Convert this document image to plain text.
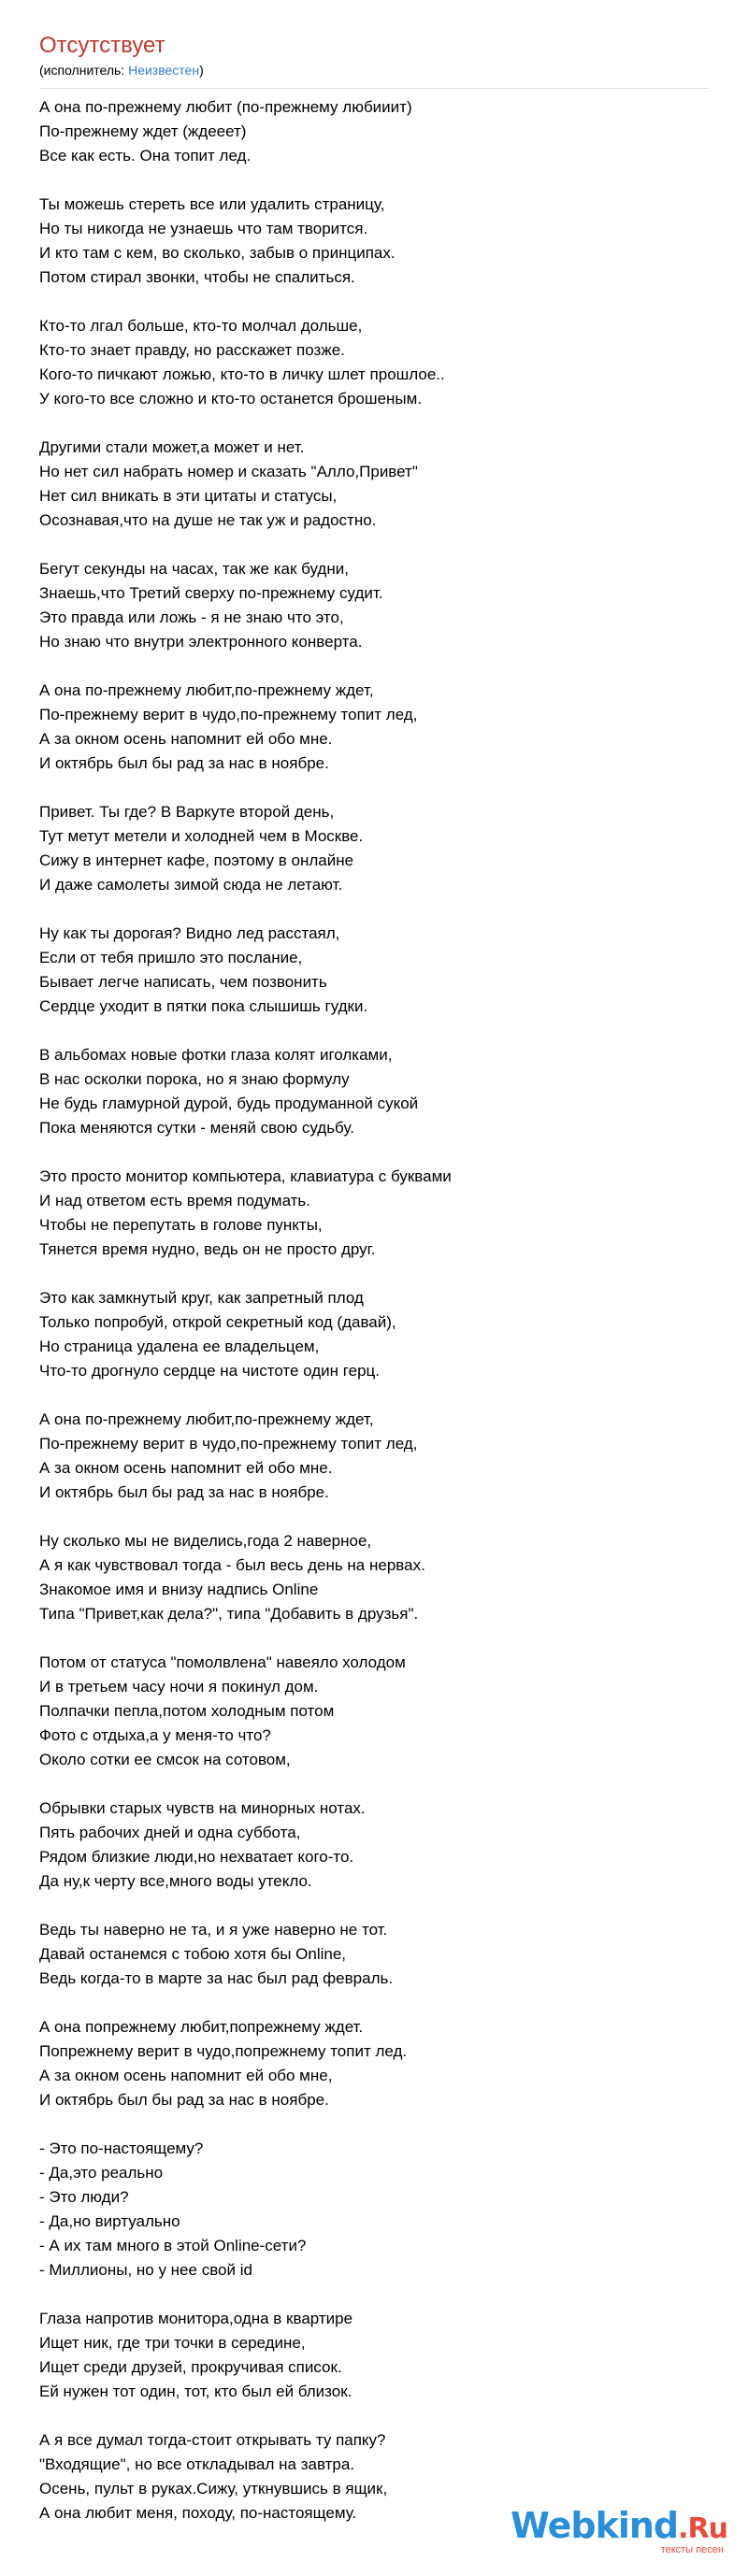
Отсутствует
(исполнитель: Неизвестен)
А она по-прежнему любит (по-прежнему любииит)
По-прежнему ждет (ждееет)
Все как есть. Она топит лед.
Ты можешь стереть все или удалить страницу,
Но ты никогда не узнаешь что там творится.
И кто там с кем, во сколько, забыв о принципах.
Потом стирал звонки, чтобы не спалиться.
Кто-то лгал больше, кто-то молчал дольше,
Кто-то знает правду, но расскажет позже.
Кого-то пичкают ложью, кто-то в личку шлет прошлое..
У кого-то все сложно и кто-то останется брошеным.
Другими стали может,а может и нет.
Но нет сил набрать номер и сказать "Алло,Привет"
Нет сил вникать в эти цитаты и статусы,
Осознавая,что на душе не так уж и радостно.
Бегут секунды на часах, так же как будни,
Знаешь,что Третий сверху по-прежнему судит.
Это правда или ложь - я не знаю что это,
Но знаю что внутри электронного конверта.
А она по-прежнему любит,по-прежнему ждет,
По-прежнему верит в чудо,по-прежнему топит лед,
А за окном осень напомнит ей обо мне.
И октябрь был бы рад за нас в ноябре.
Привет. Ты где? В Варкуте второй день,
Тут метут метели и холодней чем в Москве.
Сижу в интернет кафе, поэтому в онлайне
И даже самолеты зимой сюда не летают.
Ну как ты дорогая? Видно лед расстаял,
Если от тебя пришло это послание,
Бывает легче написать, чем позвонить
Сердце уходит в пятки пока слышишь гудки.
В альбомах новые фотки глаза колят иголками,
В нас осколки порока, но я знаю формулу
Не будь гламурной дурой, будь продуманной сукой
Пока меняются сутки - меняй свою судьбу.
Это просто монитор компьютера, клавиатура с буквами
И над ответом есть время подумать.
Чтобы не перепутать в голове пункты,
Тянется время нудно, ведь он не просто друг.
Это как замкнутый круг, как запретный плод
Только попробуй, открой секретный код (давай),
Но страница удалена ее владельцем,
Что-то дрогнуло сердце на чистоте один герц.
А она по-прежнему любит,по-прежнему ждет,
По-прежнему верит в чудо,по-прежнему топит лед,
А за окном осень напомнит ей обо мне.
И октябрь был бы рад за нас в ноябре.
Ну сколько мы не виделись,года 2 наверное,
А я как чувствовал тогда - был весь день на нервах.
Знакомое имя и внизу надпись Online
Типа "Привет,как дела?", типа "Добавить в друзья".
Потом от статуса "помолвлена" навеяло холодом
И в третьем часу ночи я покинул дом.
Полпачки пепла,потом холодным потом
Фото с отдыха,а у меня-то что?
Около сотки ее смсок на сотовом,
Обрывки старых чувств на минорных нотах.
Пять рабочих дней и одна суббота,
Рядом близкие люди,но нехватает кого-то.
Да ну,к черту все,много воды утекло.
Ведь ты наверно не та, и я уже наверно не тот.
Давай останемся с тобою хотя бы Online,
Ведь когда-то в марте за нас был рад февраль.
А она попрежнему любит,попрежнему ждет.
Попрежнему верит в чудо,попрежнему топит лед.
А за окном осень напомнит ей обо мне,
И октябрь был бы рад за нас в ноябре.
- Это по-настоящему?
- Да,это реально
- Это люди?
- Да,но виртуально
- А их там много в этой Online-сети?
- Миллионы, но у нее свой id
Глаза напротив монитора,одна в квартире
Ищет ник, где три точки в середине,
Ищет среди друзей, прокручивая список.
Ей нужен тот один, тот, кто был ей близок.
А я все думал тогда-стоит открывать ту папку?
"Входящие", но все откладывал на завтра.
Осень, пульт в руках.Сижу, уткнувшись в ящик,
А она любит меня, походу, по-настоящему.	Webkind.Ru
тексты песен
